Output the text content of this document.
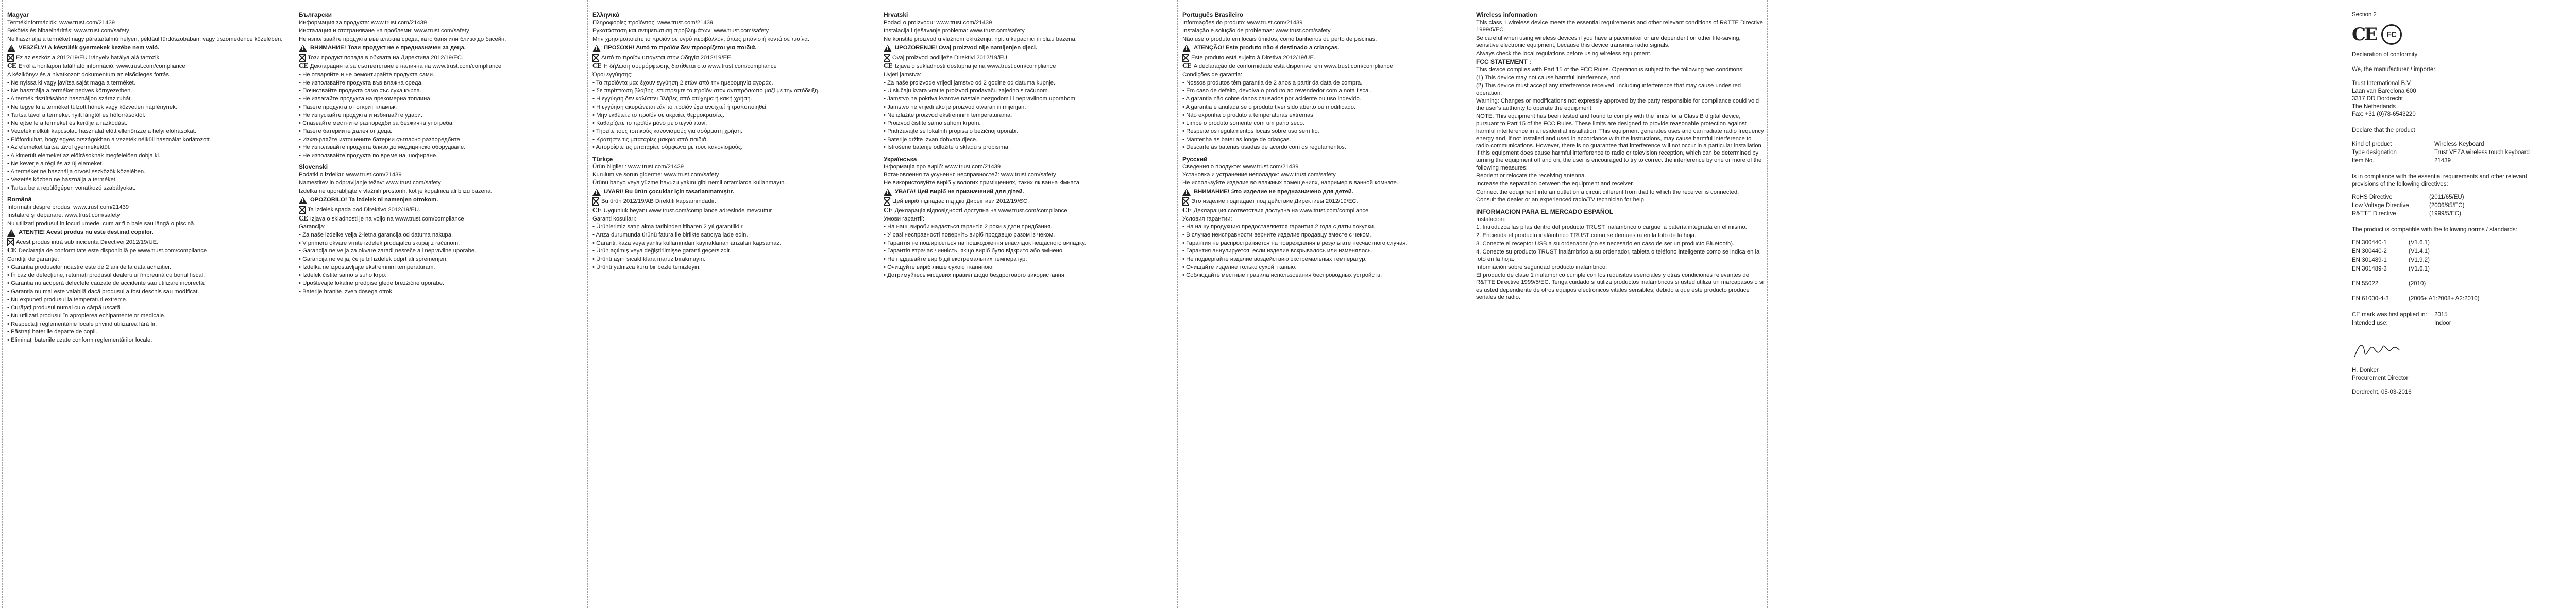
Magyar

Termékinformációk: www.trust.com/21439

Bekötés és hibaelhárítás: www.trust.com/safety

Ne használja a terméket nagy páratartalmú helyen, például fürdőszobában, vagy úszómedence közelében.

!
VESZÉLY! A készülék gyermekek kezébe nem való.
Ez az eszköz a 2012/19/EU irányelv hatálya alá tartozik.
CE Erről a honlapon található információ: www.trust.com/compliance
A kézikönyv és a hivatkozott dokumentum az elsődleges forrás.
• Ne nyissa ki vagy javítsa saját maga a terméket.
• Ne használja a terméket nedves környezetben.
• A termék tisztításához használjon száraz ruhát.
• Ne tegye ki a terméket túlzott hőnek vagy közvetlen napfénynek.
• Tartsa távol a terméket nyílt lángtól és hőforrásoktól.
• Ne ejtse le a terméket és kerülje a rázkódást.
• Vezeték nélküli kapcsolat: használat előtt ellenőrizze a helyi előírásokat.
• Előfordulhat, hogy egyes országokban a vezeték nélküli használat korlátozott.
• Az elemeket tartsa távol gyermekektől.
• A kimerült elemeket az előírásoknak megfelelően dobja ki.
• Ne keverje a régi és az új elemeket.
• A terméket ne használja orvosi eszközök közelében.
• Vezetés közben ne használja a terméket.
• Tartsa be a repülőgépen vonatkozó szabályokat.
Română

Informații despre produs: www.trust.com/21439

Instalare și depanare: www.trust.com/safety

Nu utilizați produsul în locuri umede, cum ar fi o baie sau lângă o piscină.

!
ATENȚIE! Acest produs nu este destinat copiilor.
Acest produs intră sub incidența Directivei 2012/19/UE.
CE Declarația de conformitate este disponibilă pe www.trust.com/compliance
Condiții de garanție:
• Garanția produselor noastre este de 2 ani de la data achiziției.
• În caz de defecțiune, returnați produsul dealerului împreună cu bonul fiscal.
• Garanția nu acoperă defectele cauzate de accidente sau utilizare incorectă.
• Garanția nu mai este valabilă dacă produsul a fost deschis sau modificat.
• Nu expuneți produsul la temperaturi extreme.
• Curățați produsul numai cu o cârpă uscată.
• Nu utilizați produsul în apropierea echipamentelor medicale.
• Respectați reglementările locale privind utilizarea fără fir.
• Păstrați bateriile departe de copii.
• Eliminați bateriile uzate conform reglementărilor locale.
Български

Информация за продукта: www.trust.com/21439

Инсталация и отстраняване на проблеми: www.trust.com/safety

Не използвайте продукта във влажна среда, като баня или близо до басейн.

!
ВНИМАНИЕ! Този продукт не е предназначен за деца.
Този продукт попада в обхвата на Директива 2012/19/ЕС.
CE Декларацията за съответствие е налична на www.trust.com/compliance
• Не отваряйте и не ремонтирайте продукта сами.
• Не използвайте продукта във влажна среда.
• Почиствайте продукта само със суха кърпа.
• Не излагайте продукта на прекомерна топлина.
• Пазете продукта от открит пламък.
• Не изпускайте продукта и избягвайте удари.
• Спазвайте местните разпоредби за безжична употреба.
• Пазете батериите далеч от деца.
• Изхвърляйте изтощените батерии съгласно разпоредбите.
• Не използвайте продукта близо до медицинско оборудване.
• Не използвайте продукта по време на шофиране.
Slovenski

Podatki o izdelku: www.trust.com/21439

Namestitev in odpravljanje težav: www.trust.com/safety

Izdelka ne uporabljajte v vlažnih prostorih, kot je kopalnica ali blizu bazena.

!
OPOZORILO! Ta izdelek ni namenjen otrokom.
Ta izdelek spada pod Direktivo 2012/19/EU.
CE Izjava o skladnosti je na voljo na www.trust.com/compliance
Garancija:
• Za naše izdelke velja 2-letna garancija od datuma nakupa.
• V primeru okvare vrnite izdelek prodajalcu skupaj z računom.
• Garancija ne velja za okvare zaradi nesreče ali nepravilne uporabe.
• Garancija ne velja, če je bil izdelek odprt ali spremenjen.
• Izdelka ne izpostavljajte ekstremnim temperaturam.
• Izdelek čistite samo s suho krpo.
• Upoštevajte lokalne predpise glede brezžične uporabe.
• Baterije hranite izven dosega otrok.
Ελληνικά

Πληροφορίες προϊόντος: www.trust.com/21439

Εγκατάσταση και αντιμετώπιση προβλημάτων: www.trust.com/safety

Μην χρησιμοποιείτε το προϊόν σε υγρό περιβάλλον, όπως μπάνιο ή κοντά σε πισίνα.

!
ΠΡΟΣΟΧΗ! Αυτό το προϊόν δεν προορίζεται για παιδιά.
Αυτό το προϊόν υπάγεται στην Οδηγία 2012/19/ΕΕ.
CE Η δήλωση συμμόρφωσης διατίθεται στο www.trust.com/compliance
Όροι εγγύησης:
• Τα προϊόντα μας έχουν εγγύηση 2 ετών από την ημερομηνία αγοράς.
• Σε περίπτωση βλάβης, επιστρέψτε το προϊόν στον αντιπρόσωπο μαζί με την απόδειξη.
• Η εγγύηση δεν καλύπτει βλάβες από ατύχημα ή κακή χρήση.
• Η εγγύηση ακυρώνεται εάν το προϊόν έχει ανοιχτεί ή τροποποιηθεί.
• Μην εκθέτετε το προϊόν σε ακραίες θερμοκρασίες.
• Καθαρίζετε το προϊόν μόνο με στεγνό πανί.
• Τηρείτε τους τοπικούς κανονισμούς για ασύρματη χρήση.
• Κρατήστε τις μπαταρίες μακριά από παιδιά.
• Απορρίψτε τις μπαταρίες σύμφωνα με τους κανονισμούς.
Türkçe

Ürün bilgileri: www.trust.com/21439

Kurulum ve sorun giderme: www.trust.com/safety

Ürünü banyo veya yüzme havuzu yakını gibi nemli ortamlarda kullanmayın.

!
UYARI! Bu ürün çocuklar için tasarlanmamıştır.
Bu ürün 2012/19/AB Direktifi kapsamındadır.
CE Uygunluk beyanı www.trust.com/compliance adresinde mevcuttur
Garanti koşulları:
• Ürünlerimiz satın alma tarihinden itibaren 2 yıl garantilidir.
• Arıza durumunda ürünü fatura ile birlikte satıcıya iade edin.
• Garanti, kaza veya yanlış kullanımdan kaynaklanan arızaları kapsamaz.
• Ürün açılmış veya değiştirilmişse garanti geçersizdir.
• Ürünü aşırı sıcaklıklara maruz bırakmayın.
• Ürünü yalnızca kuru bir bezle temizleyin.
Hrvatski

Podaci o proizvodu: www.trust.com/21439

Instalacija i rješavanje problema: www.trust.com/safety

Ne koristite proizvod u vlažnom okruženju, npr. u kupaonici ili blizu bazena.

!
UPOZORENJE! Ovaj proizvod nije namijenjen djeci.
Ovaj proizvod podliježe Direktivi 2012/19/EU.
CE Izjava o sukladnosti dostupna je na www.trust.com/compliance
Uvjeti jamstva:
• Za naše proizvode vrijedi jamstvo od 2 godine od datuma kupnje.
• U slučaju kvara vratite proizvod prodavaču zajedno s računom.
• Jamstvo ne pokriva kvarove nastale nezgodom ili nepravilnom uporabom.
• Jamstvo ne vrijedi ako je proizvod otvaran ili mijenjan.
• Ne izlažite proizvod ekstremnim temperaturama.
• Proizvod čistite samo suhom krpom.
• Pridržavajte se lokalnih propisa o bežičnoj uporabi.
• Baterije držite izvan dohvata djece.
• Istrošene baterije odložite u skladu s propisima.
Українська

Інформація про виріб: www.trust.com/21439

Встановлення та усунення несправностей: www.trust.com/safety

Не використовуйте виріб у вологих приміщеннях, таких як ванна кімната.

!
УВАГА! Цей виріб не призначений для дітей.
Цей виріб підпадає під дію Директиви 2012/19/ЄС.
CE Декларація відповідності доступна на www.trust.com/compliance
Умови гарантії:
• На наші вироби надається гарантія 2 роки з дати придбання.
• У разі несправності поверніть виріб продавцю разом із чеком.
• Гарантія не поширюється на пошкодження внаслідок нещасного випадку.
• Гарантія втрачає чинність, якщо виріб було відкрито або змінено.
• Не піддавайте виріб дії екстремальних температур.
• Очищуйте виріб лише сухою тканиною.
• Дотримуйтесь місцевих правил щодо бездротового використання.
Português Brasileiro

Informações do produto: www.trust.com/21439

Instalação e solução de problemas: www.trust.com/safety

Não use o produto em locais úmidos, como banheiros ou perto de piscinas.

!
ATENÇÃO! Este produto não é destinado a crianças.
Este produto está sujeito à Diretiva 2012/19/UE.
CE A declaração de conformidade está disponível em www.trust.com/compliance
Condições de garantia:
• Nossos produtos têm garantia de 2 anos a partir da data de compra.
• Em caso de defeito, devolva o produto ao revendedor com a nota fiscal.
• A garantia não cobre danos causados por acidente ou uso indevido.
• A garantia é anulada se o produto tiver sido aberto ou modificado.
• Não exponha o produto a temperaturas extremas.
• Limpe o produto somente com um pano seco.
• Respeite os regulamentos locais sobre uso sem fio.
• Mantenha as baterias longe de crianças.
• Descarte as baterias usadas de acordo com os regulamentos.
Русский

Сведения о продукте: www.trust.com/21439

Установка и устранение неполадок: www.trust.com/safety

Не используйте изделие во влажных помещениях, например в ванной комнате.

!
ВНИМАНИЕ! Это изделие не предназначено для детей.
Это изделие подпадает под действие Директивы 2012/19/ЕС.
CE Декларация соответствия доступна на www.trust.com/compliance
Условия гарантии:
• На нашу продукцию предоставляется гарантия 2 года с даты покупки.
• В случае неисправности верните изделие продавцу вместе с чеком.
• Гарантия не распространяется на повреждения в результате несчастного случая.
• Гарантия аннулируется, если изделие вскрывалось или изменялось.
• Не подвергайте изделие воздействию экстремальных температур.
• Очищайте изделие только сухой тканью.
• Соблюдайте местные правила использования беспроводных устройств.
Wireless information

This class 1 wireless device meets the essential requirements and other relevant conditions of R&TTE Directive 1999/5/EC.

Be careful when using wireless devices if you have a pacemaker or are dependent on other life-saving, sensitive electronic equipment, because this device transmits radio signals.

Always check the local regulations before using wireless equipment.

FCC STATEMENT :
This device complies with Part 15 of the FCC Rules. Operation is subject to the following two conditions:
(1) This device may not cause harmful interference, and
(2) This device must accept any interference received, including interference that may cause undesired operation.
Warning: Changes or modifications not expressly approved by the party responsible for compliance could void the user's authority to operate the equipment.
NOTE: This equipment has been tested and found to comply with the limits for a Class B digital device, pursuant to Part 15 of the FCC Rules. These limits are designed to provide reasonable protection against harmful interference in a residential installation. This equipment generates uses and can radiate radio frequency energy and, if not installed and used in accordance with the instructions, may cause harmful interference to radio communications. However, there is no guarantee that interference will not occur in a particular installation. If this equipment does cause harmful interference to radio or television reception, which can be determined by turning the equipment off and on, the user is encouraged to try to correct the interference by one or more of the following measures:
Reorient or relocate the receiving antenna.
Increase the separation between the equipment and receiver.
Connect the equipment into an outlet on a circuit different from that to which the receiver is connected.
Consult the dealer or an experienced radio/TV technician for help.
INFORMACION PARA EL MERCADO ESPAÑOL

Instalación:

1. Introduzca las pilas dentro del producto TRUST inalámbrico o cargue la batería integrada en el mismo.

2. Encienda el producto inalámbrico TRUST como se demuestra en la foto de la hoja.

3. Conecte el receptor USB a su ordenador (no es necesario en caso de ser un producto Bluetooth).

4. Conecte su producto TRUST inalámbrico a su ordenador, tableta o teléfono inteligente como se indica en la foto en la hoja.

Información sobre seguridad producto inalámbrico:

El producto de clase 1 inalámbrico cumple con los requisitos esenciales y otras condiciones relevantes de R&TTE Directive 1999/5/EC. Tenga cuidado si utiliza productos inalámbricos si usted utiliza un marcapasos o si es usted dependiente de otros equipos electrónicos vitales sensibles, debido a que este producto produce señales de radio.

Section 2
CE	FC
Declaration of conformity
We, the manufacturer / importer,
Trust International B.V.
Laan van Barcelona 600
3317 DD Dordrecht
The Netherlands
Fax: +31 (0)78-6543220
Declare that the product
Kind of product	Wireless Keyboard
Type designation	Trust VEZA wireless touch keyboard
Item No.	21439
Is in compliance with the essential requirements and other relevant provisions of the following directives:
RoHS Directive	(2011/65/EU)
Low Voltage Directive	(2006/95/EC)
R&TTE Directive	(1999/5/EC)
The product is compatible with the following norms / standards:
EN 300440-1	(V1.6.1)
EN 300440-2	(V1.4.1)
EN 301489-1	(V1.9.2)
EN 301489-3	(V1.6.1)
EN 55022	(2010)
EN 61000-4-3	(2006+ A1:2008+ A2:2010)
CE mark was first applied in:	2015
Intended use:	Indoor
H. Donker
Procurement Director
Dordrecht, 05-03-2016
